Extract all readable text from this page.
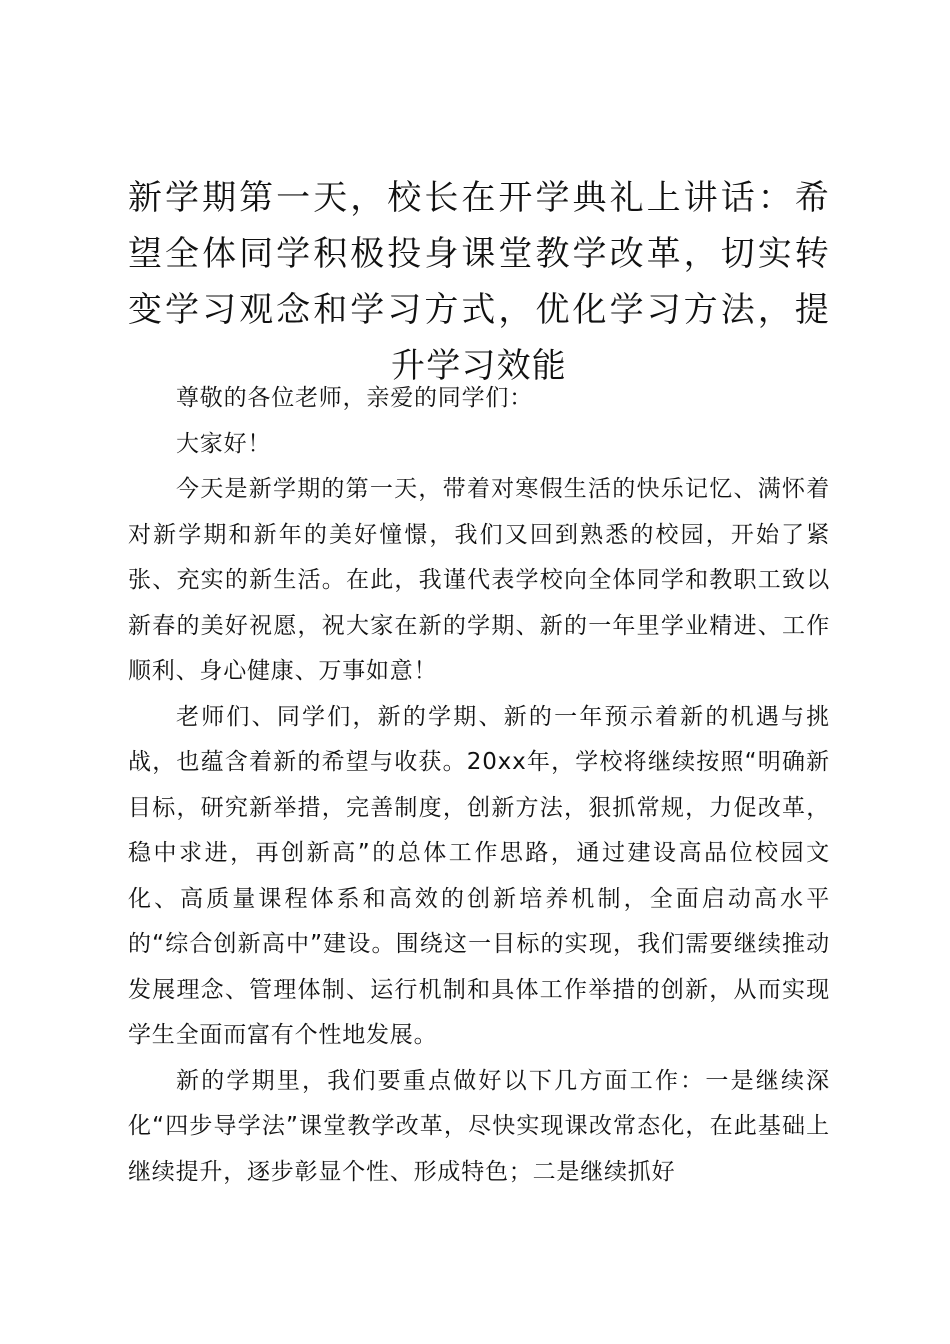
新学期第一天，校长在开学典礼上讲话：希望全体同学积极投身课堂教学改革，切实转变学习观念和学习方式，优化学习方法，提升学习效能

尊敬的各位老师，亲爱的同学们：

大家好！

今天是新学期的第一天，带着对寒假生活的快乐记忆、满怀着对新学期和新年的美好憧憬，我们又回到熟悉的校园，开始了紧张、充实的新生活。在此，我谨代表学校向全体同学和教职工致以新春的美好祝愿，祝大家在新的学期、新的一年里学业精进、工作顺利、身心健康、万事如意！

老师们、同学们，新的学期、新的一年预示着新的机遇与挑战，也蕴含着新的希望与收获。20xx年，学校将继续按照“明确新目标，研究新举措，完善制度，创新方法，狠抓常规，力促改革，稳中求进，再创新高”的总体工作思路，通过建设高品位校园文化、高质量课程体系和高效的创新培养机制，全面启动高水平的“综合创新高中”建设。围绕这一目标的实现，我们需要继续推动发展理念、管理体制、运行机制和具体工作举措的创新，从而实现学生全面而富有个性地发展。

新的学期里，我们要重点做好以下几方面工作：一是继续深化“四步导学法”课堂教学改革，尽快实现课改常态化，在此基础上继续提升，逐步彰显个性、形成特色；二是继续抓好
